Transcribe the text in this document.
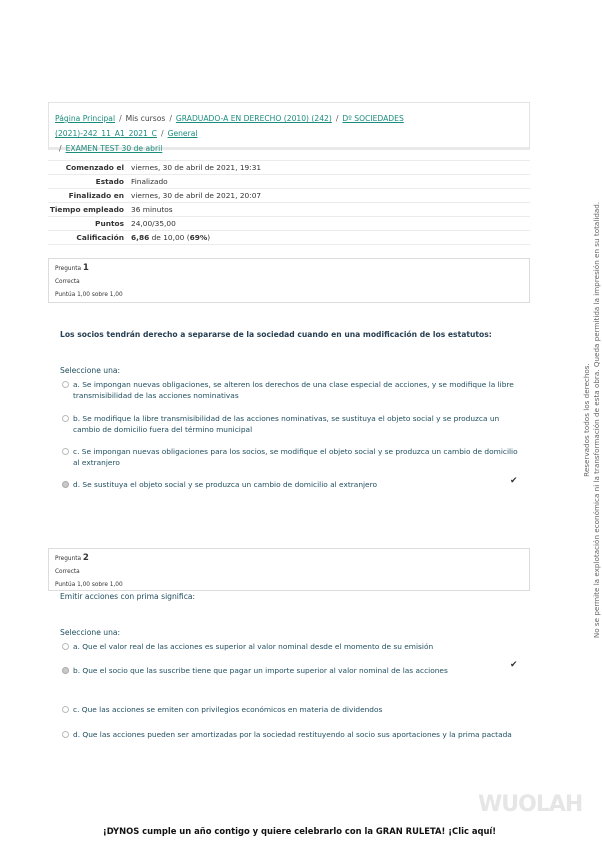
Página Principal / Mis cursos / GRADUADO-A EN DERECHO (2010) (242) / Dº SOCIEDADES (2021)-242_11_A1_2021_C / General
/ EXAMEN TEST 30 de abril
Comenzado el	viernes, 30 de abril de 2021, 19:31
Estado	Finalizado
Finalizado en	viernes, 30 de abril de 2021, 20:07
Tiempo empleado	36 minutos
Puntos	24,00/35,00
Calificación	6,86 de 10,00 (69%)
Pregunta 1
Correcta
Puntúa 1,00 sobre 1,00
Los socios tendrán derecho a separarse de la sociedad cuando en una modificación de los estatutos:
Seleccione una:
a. Se impongan nuevas obligaciones, se alteren los derechos de una clase especial de acciones, y se modifique la libre transmisibilidad de las acciones nominativas
b. Se modifique la libre transmisibilidad de las acciones nominativas, se sustituya el objeto social y se produzca un cambio de domicilio fuera del término municipal
c. Se impongan nuevas obligaciones para los socios, se modifique el objeto social y se produzca un cambio de domicilio al extranjero
d. Se sustituya el objeto social y se produzca un cambio de domicilio al extranjero	✔
Pregunta 2
Correcta
Puntúa 1,00 sobre 1,00
Emitir acciones con prima significa:
Seleccione una:
a. Que el valor real de las acciones es superior al valor nominal desde el momento de su emisión
b. Que el socio que las suscribe tiene que pagar un importe superior al valor nominal de las acciones
✔
c. Que las acciones se emiten con privilegios económicos en materia de dividendos
d. Que las acciones pueden ser amortizadas por la sociedad restituyendo al socio sus aportaciones y la prima pactada
Reservados todos los derechos. No se permite la explotación económica ni la transformación de esta obra. Queda permitida la impresión en su totalidad.
WUOLAH
¡DYNOS cumple un año contigo y quiere celebrarlo con la GRAN RULETA! ¡Clic aquí!
